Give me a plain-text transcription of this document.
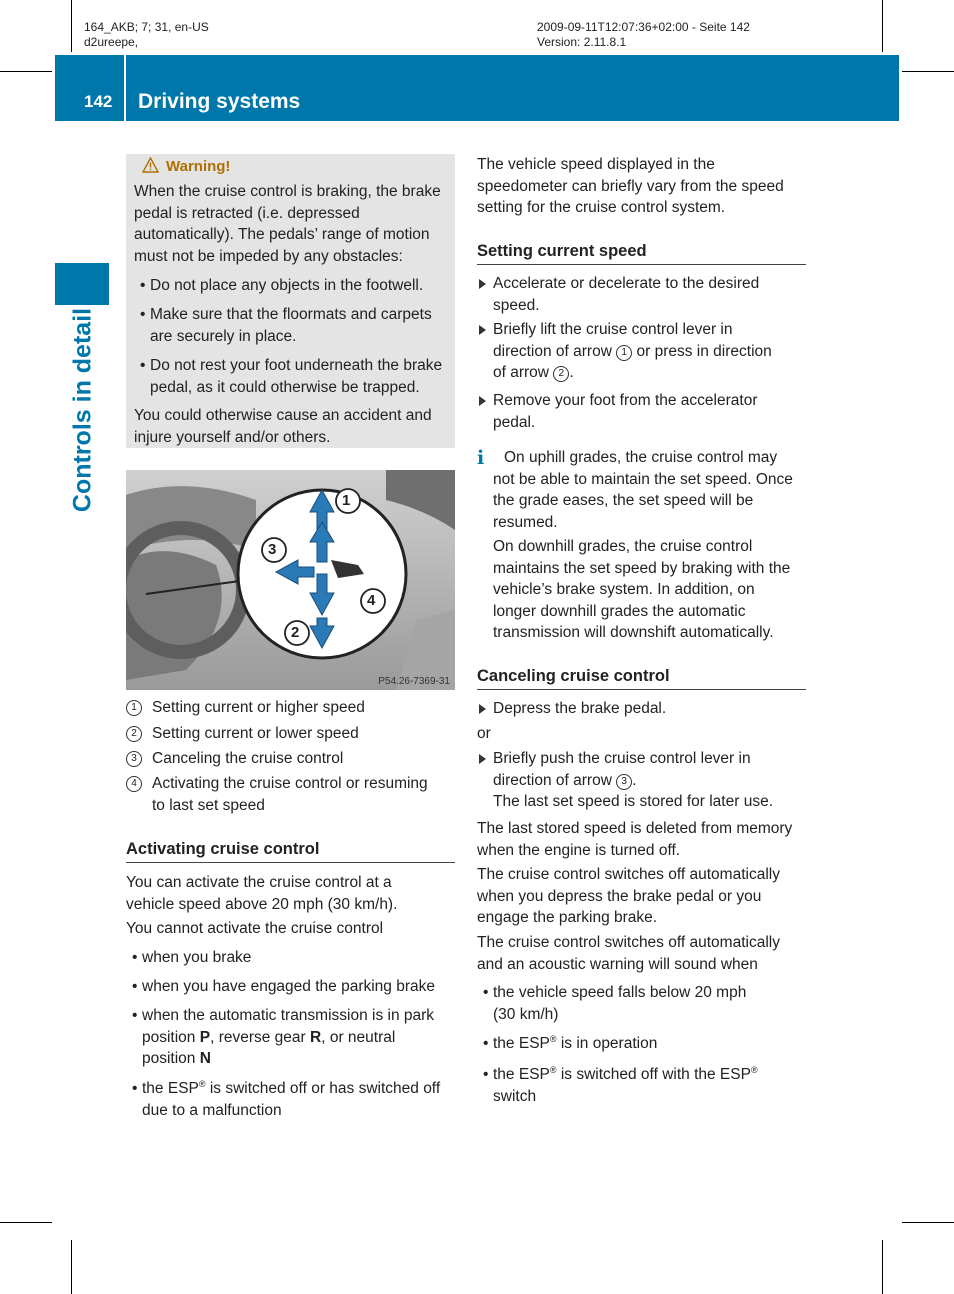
164_AKB; 7; 31, en-US
d2ureepe,
2009-09-11T12:07:36+02:00 - Seite 142
Version: 2.11.8.1
142 Driving systems
Controls in detail
Warning!
When the cruise control is braking, the brake
pedal is retracted (i.e. depressed
automatically). The pedals’ range of motion
must not be impeded by any obstacles:
• Do not place any objects in the footwell.
• Make sure that the floormats and carpets
are securely in place.
• Do not rest your foot underneath the brake
pedal, as it could otherwise be trapped.
You could otherwise cause an accident and
injure yourself and/or others.
1
2
3
4
P54.26-7369-31
1 Setting current or higher speed
2 Setting current or lower speed
3 Canceling the cruise control
4 Activating the cruise control or resuming
to last set speed
Activating cruise control
You can activate the cruise control at a
vehicle speed above 20 mph (30 km/h).
You cannot activate the cruise control
• when you brake
• when you have engaged the parking brake
• when the automatic transmission is in park
position P, reverse gear R, or neutral
position N
• the ESP® is switched off or has switched off
due to a malfunction
The vehicle speed displayed in the
speedometer can briefly vary from the speed
setting for the cruise control system.
Setting current speed
Accelerate or decelerate to the desired
speed.
Briefly lift the cruise control lever in
direction of arrow 1 or press in direction
of arrow 2 .
Remove your foot from the accelerator
pedal.
i	On uphill grades, the cruise control may
not be able to maintain the set speed. Once
the grade eases, the set speed will be
resumed.
On downhill grades, the cruise control
maintains the set speed by braking with the
vehicle’s brake system. In addition, on
longer downhill grades the automatic
transmission will downshift automatically.
Canceling cruise control
Depress the brake pedal.
or
Briefly push the cruise control lever in
direction of arrow 3 .
The last set speed is stored for later use.
The last stored speed is deleted from memory
when the engine is turned off.
The cruise control switches off automatically
when you depress the brake pedal or you
engage the parking brake.
The cruise control switches off automatically
and an acoustic warning will sound when
• the vehicle speed falls below 20 mph
(30 km/h)
• the ESP® is in operation
• the ESP® is switched off with the ESP®
switch
